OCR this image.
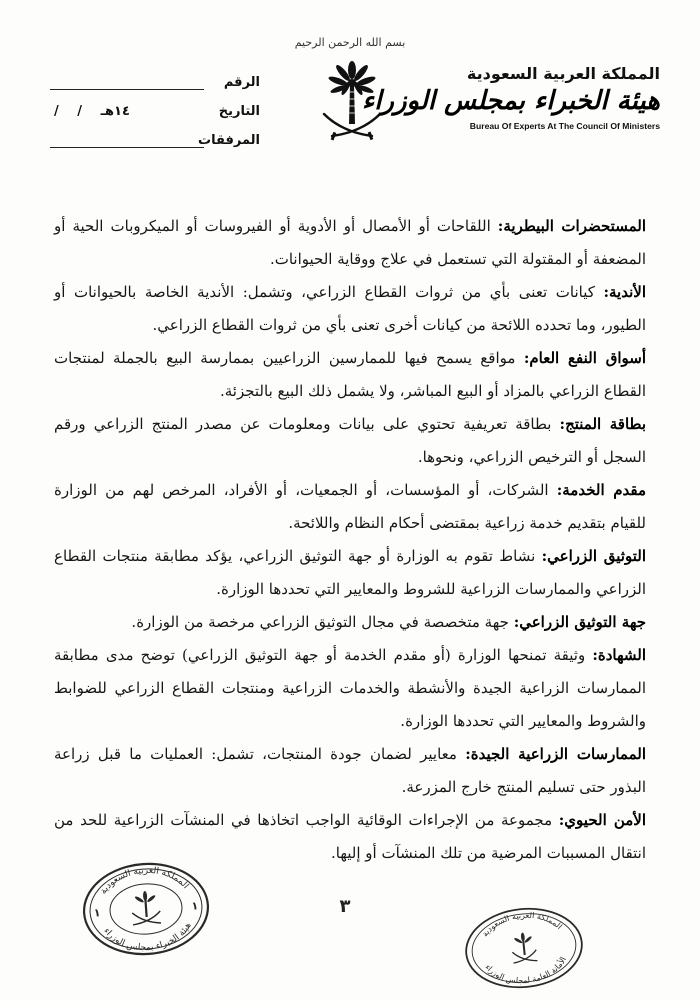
بسم الله الرحمن الرحيم
المملكة العربية السعودية
هيئة الخبراء بمجلس الوزراء
Bureau Of Experts At The Council Of Ministers
الرقم
التاريخ
/ / ١٤هـ
المرفقات

المستحضرات البيطرية: اللقاحات أو الأمصال أو الأدوية أو الفيروسات أو الميكروبات الحية أو المضعفة أو المقتولة التي تستعمل في علاج ووقاية الحيوانات.

الأندية: كيانات تعنى بأي من ثروات القطاع الزراعي، وتشمل: الأندية الخاصة بالحيوانات أو الطيور، وما تحدده اللائحة من كيانات أخرى تعنى بأي من ثروات القطاع الزراعي.

أسواق النفع العام: مواقع يسمح فيها للممارسين الزراعيين بممارسة البيع بالجملة لمنتجات القطاع الزراعي بالمزاد أو البيع المباشر، ولا يشمل ذلك البيع بالتجزئة.

بطاقة المنتج: بطاقة تعريفية تحتوي على بيانات ومعلومات عن مصدر المنتج الزراعي ورقم السجل أو الترخيص الزراعي، ونحوها.

مقدم الخدمة: الشركات، أو المؤسسات، أو الجمعيات، أو الأفراد، المرخص لهم من الوزارة للقيام بتقديم خدمة زراعية بمقتضى أحكام النظام واللائحة.

التوثيق الزراعي: نشاط تقوم به الوزارة أو جهة التوثيق الزراعي، يؤكد مطابقة منتجات القطاع الزراعي والممارسات الزراعية للشروط والمعايير التي تحددها الوزارة.

جهة التوثيق الزراعي: جهة متخصصة في مجال التوثيق الزراعي مرخصة من الوزارة.

الشهادة: وثيقة تمنحها الوزارة (أو مقدم الخدمة أو جهة التوثيق الزراعي) توضح مدى مطابقة الممارسات الزراعية الجيدة والأنشطة والخدمات الزراعية ومنتجات القطاع الزراعي للضوابط والشروط والمعايير التي تحددها الوزارة.

الممارسات الزراعية الجيدة: معايير لضمان جودة المنتجات، تشمل: العمليات ما قبل زراعة البذور حتى تسليم المنتج خارج المزرعة.

الأمن الحيوي: مجموعة من الإجراءات الوقائية الواجب اتخاذها في المنشآت الزراعية للحد من انتقال المسببات المرضية من تلك المنشآت أو إليها.

٣
المملكة العربية السعودية
هيئة الخبراء بمجلس الوزراء
١
١
المملكة العربية السعودية
الأمانة العامة لمجلس الوزراء
